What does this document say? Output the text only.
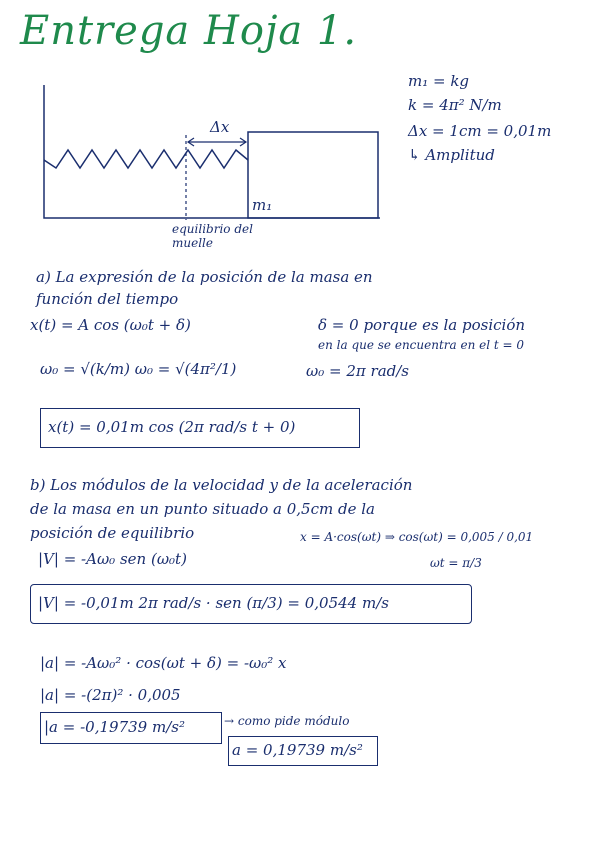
Entrega Hoja 1.
m₁ = kg
k = 4π² N/m
Δx = 1cm = 0,01m
↳ Amplitud
Δx
m₁
equilibrio del
muelle
a) La expresión de la posición de la masa en
función del tiempo
x(t) = A cos (ω₀t + δ)	δ = 0 porque es la posición
en la que se encuentra en el t = 0
ω₀ = √(k/m) ω₀ = √(4π²/1)	ω₀ = 2π rad/s
x(t) = 0,01m cos (2π rad/s t + 0)
b) Los módulos de la velocidad y de la aceleración
de la masa en un punto situado a 0,5cm de la
posición de equilibrio	x = A·cos(ωt) ⇒ cos(ωt) = 0,005 / 0,01
ωt = π/3
|V| = -Aω₀ sen (ω₀t)
|V| = -0,01m 2π rad/s · sen (π/3) = 0,0544 m/s
|a| = -Aω₀² · cos(ωt + δ) = -ω₀² x
|a| = -(2π)² · 0,005
|a = -0,19739 m/s²	→ como pide módulo
a = 0,19739 m/s²
